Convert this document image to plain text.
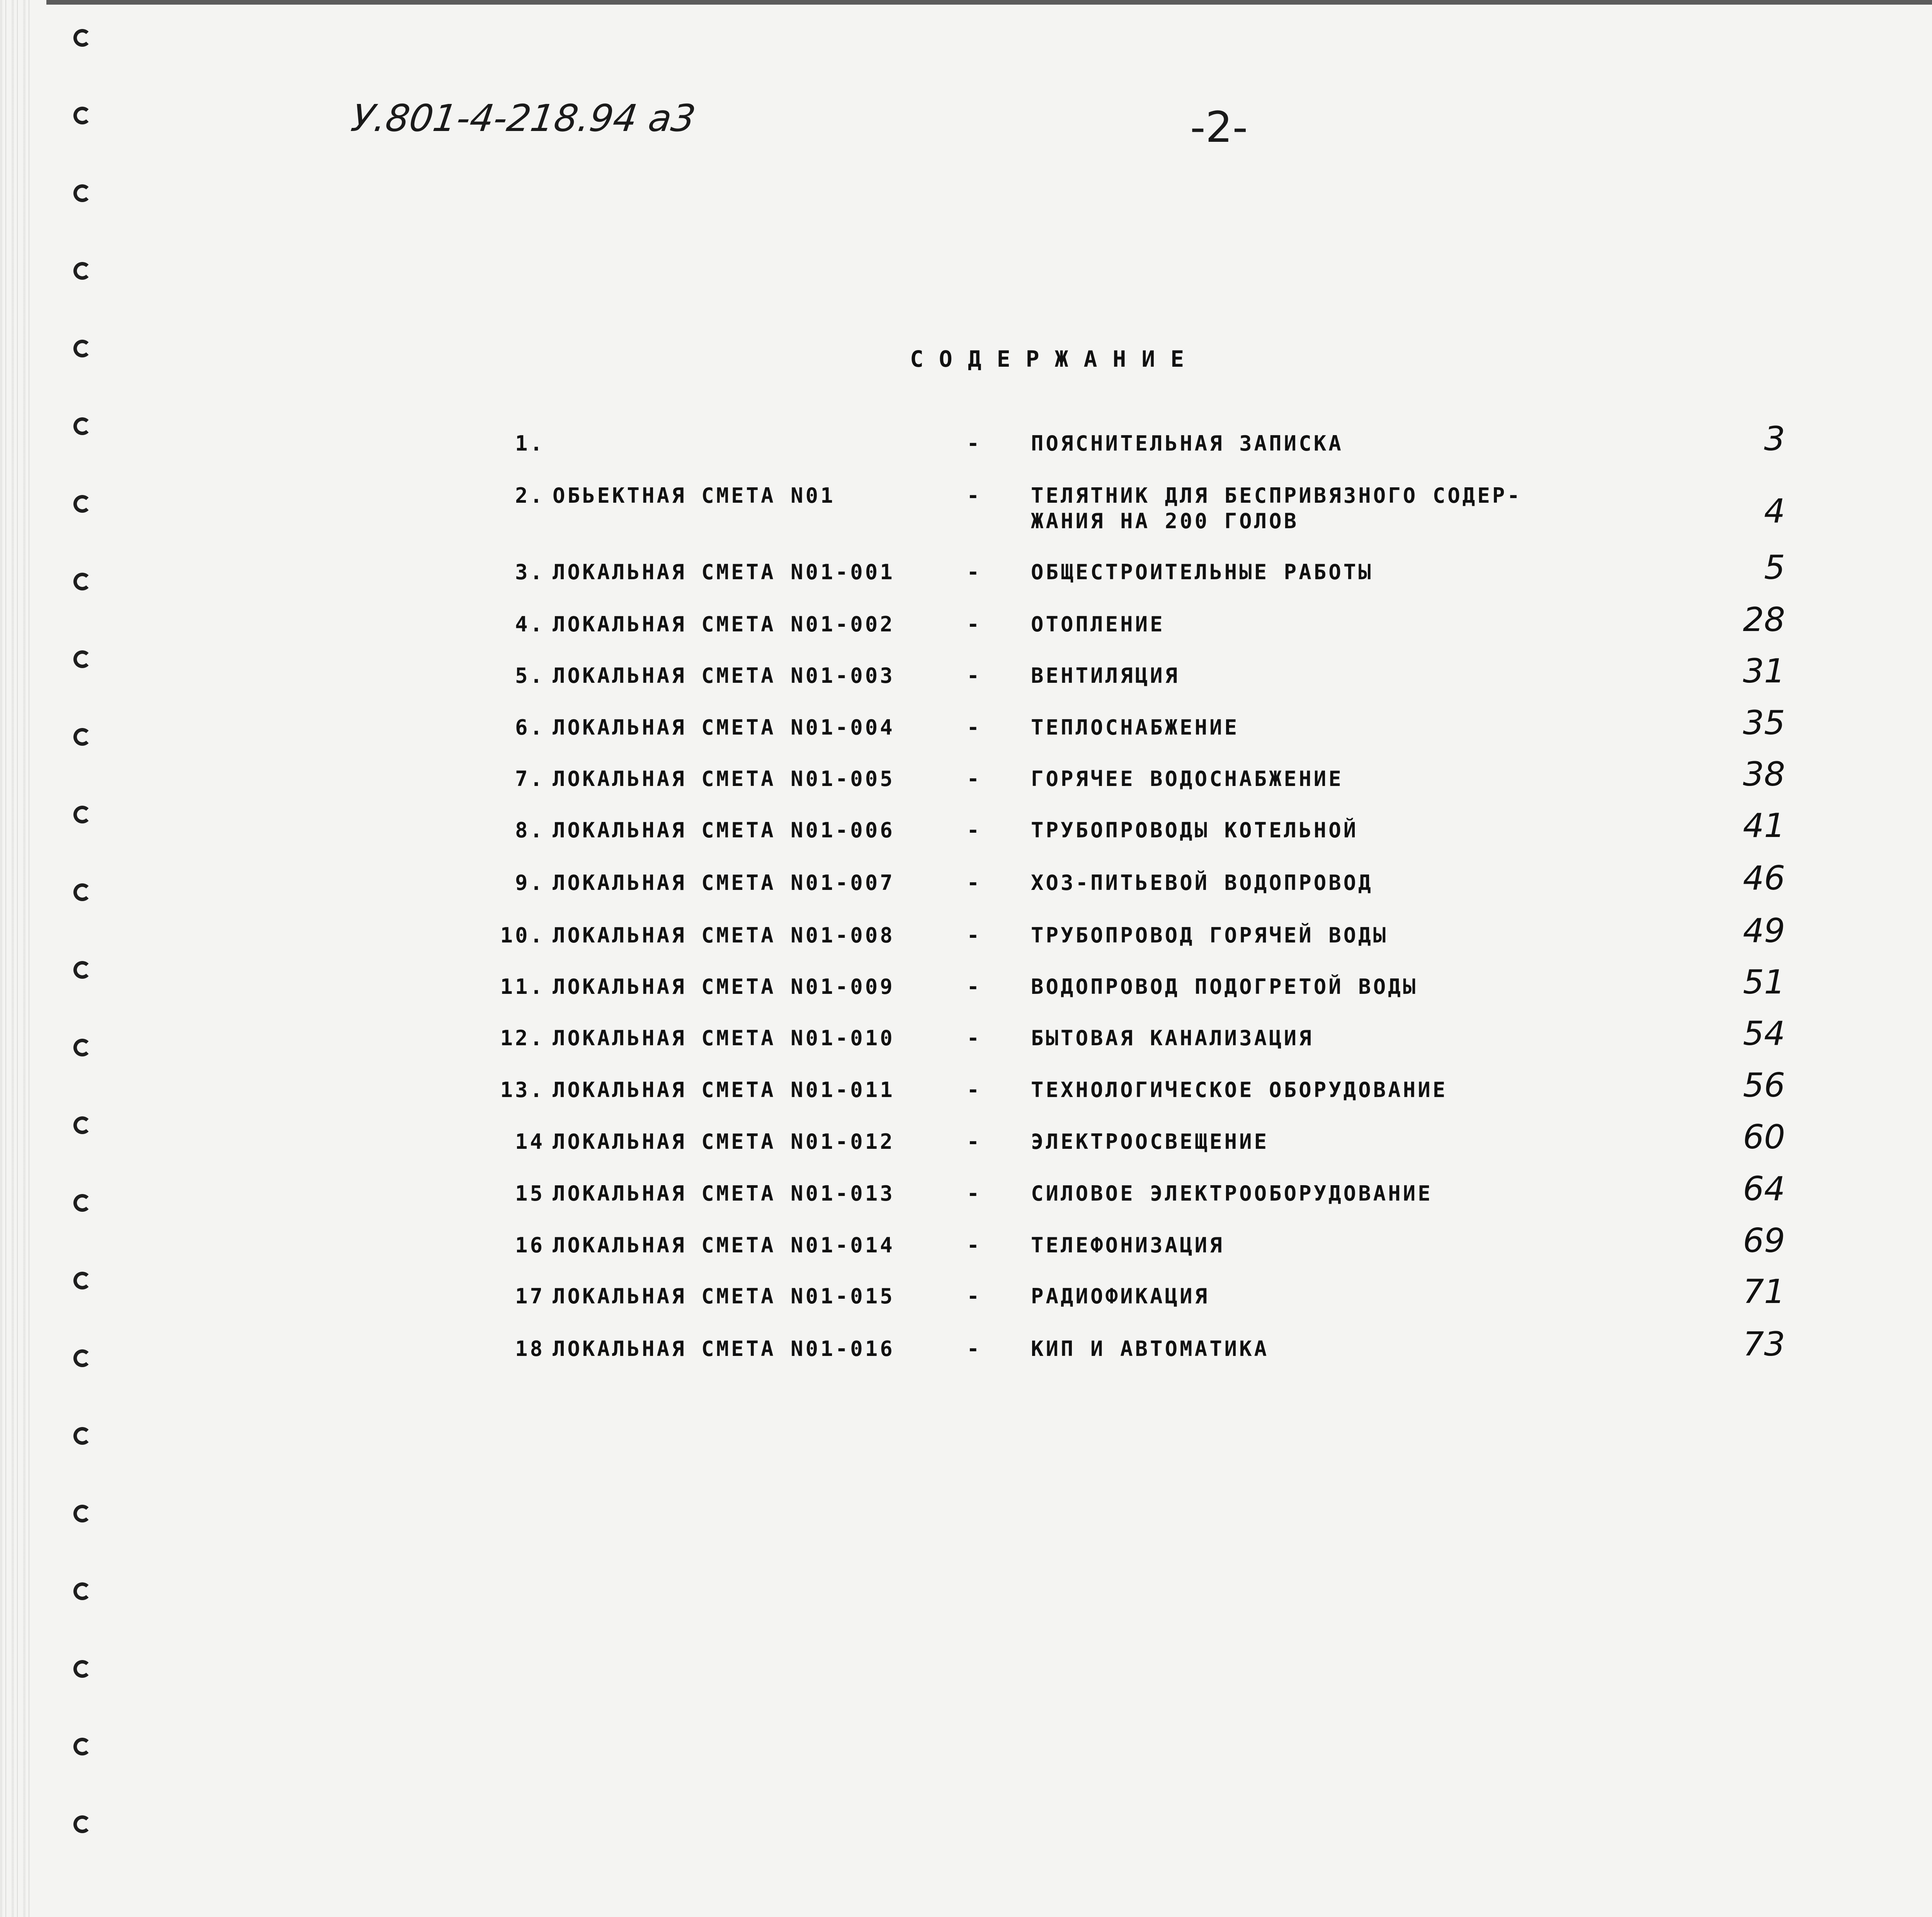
У.801-4-218.94 а3	-2-
СОДЕРЖАНИЕ
1.	- ПОЯСНИТЕЛЬНАЯ ЗАПИСКА	3
2. ОБЬЕКТНАЯ СМЕТА N01	- ТЕЛЯТНИК ДЛЯ БЕСПРИВЯЗНОГО СОДЕР-
ЖАНИЯ НА 200 ГОЛОВ	4
3. ЛОКАЛЬНАЯ СМЕТА N01-001	- ОБЩЕСТРОИТЕЛЬНЫЕ РАБОТЫ	5
4. ЛОКАЛЬНАЯ СМЕТА N01-002	- ОТОПЛЕНИЕ	28
5. ЛОКАЛЬНАЯ СМЕТА N01-003	- ВЕНТИЛЯЦИЯ	31
6. ЛОКАЛЬНАЯ СМЕТА N01-004	- ТЕПЛОСНАБЖЕНИЕ	35
7. ЛОКАЛЬНАЯ СМЕТА N01-005	- ГОРЯЧЕЕ ВОДОСНАБЖЕНИЕ	38
8. ЛОКАЛЬНАЯ СМЕТА N01-006	- ТРУБОПРОВОДЫ КОТЕЛЬНОЙ	41
9. ЛОКАЛЬНАЯ СМЕТА N01-007	- ХОЗ-ПИТЬЕВОЙ ВОДОПРОВОД	46
10. ЛОКАЛЬНАЯ СМЕТА N01-008	- ТРУБОПРОВОД ГОРЯЧЕЙ ВОДЫ	49
11. ЛОКАЛЬНАЯ СМЕТА N01-009	- ВОДОПРОВОД ПОДОГРЕТОЙ ВОДЫ	51
12. ЛОКАЛЬНАЯ СМЕТА N01-010	- БЫТОВАЯ КАНАЛИЗАЦИЯ	54
13. ЛОКАЛЬНАЯ СМЕТА N01-011	- ТЕХНОЛОГИЧЕСКОЕ ОБОРУДОВАНИЕ	56
14 ЛОКАЛЬНАЯ СМЕТА N01-012	- ЭЛЕКТРООСВЕЩЕНИЕ	60
15 ЛОКАЛЬНАЯ СМЕТА N01-013	- СИЛОВОЕ ЭЛЕКТРООБОРУДОВАНИЕ	64
16 ЛОКАЛЬНАЯ СМЕТА N01-014	- ТЕЛЕФОНИЗАЦИЯ	69
17 ЛОКАЛЬНАЯ СМЕТА N01-015	- РАДИОФИКАЦИЯ	71
18 ЛОКАЛЬНАЯ СМЕТА N01-016	- КИП И АВТОМАТИКА	73
